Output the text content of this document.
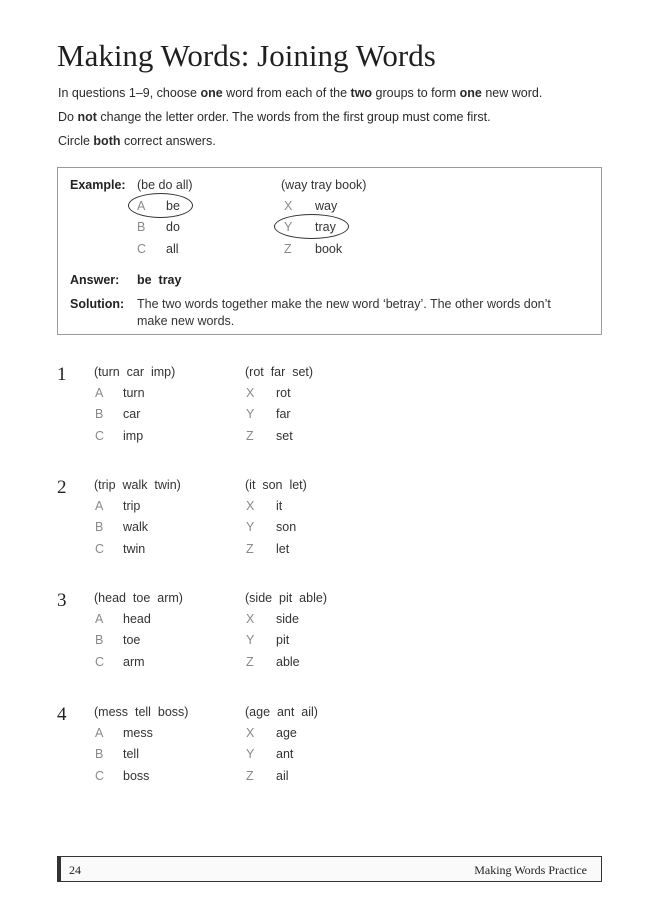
Making Words: Joining Words
In questions 1–9, choose one word from each of the two groups to form one new word.
Do not change the letter order. The words from the first group must come first.
Circle both correct answers.
Example: (be do all)	(way tray book)
A be
B do
C all
X way
Y tray
Z book
Answer: be  tray
Solution: The two words together make the new word ‘betray’. The other words don’t
make new words.
1 (turn  car  imp)	(rot  far  set)
A turn
B car
C imp
X rot
Y far
Z set
2 (trip  walk  twin)	(it  son  let)
A trip
B walk
C twin
X it
Y son
Z let
3 (head  toe  arm)	(side  pit  able)
A head
B toe
C arm
X side
Y pit
Z able
4 (mess  tell  boss)	(age  ant  ail)
A mess
B tell
C boss
X age
Y ant
Z ail
24	Making Words Practice
